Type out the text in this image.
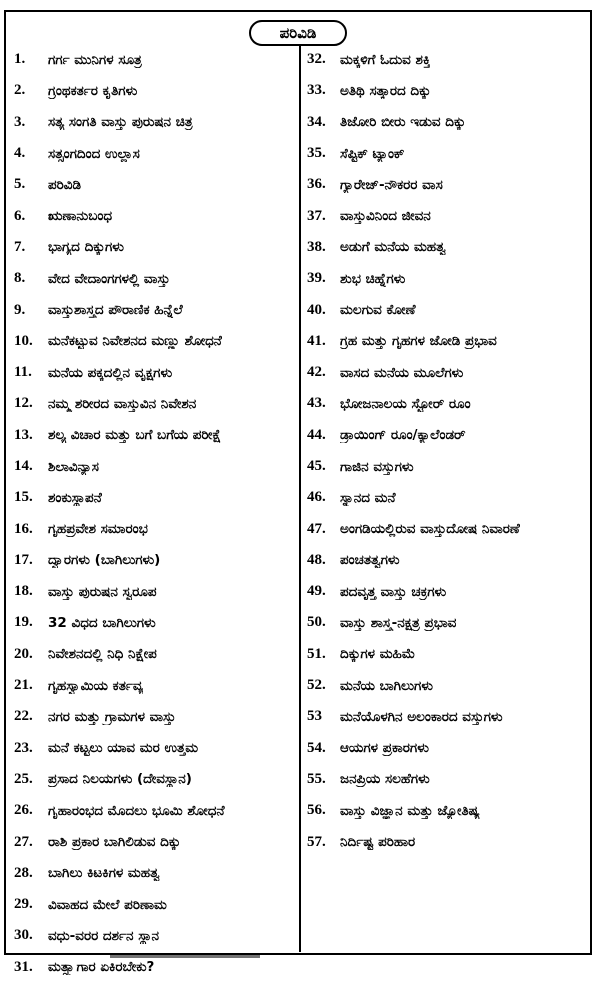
ಪರಿವಿಡಿ
1.	ಗರ್ಗ ಮುನಿಗಳ ಸೂತ್ರ
2.	ಗ್ರಂಥಕರ್ತರ ಕೃತಿಗಳು
3.	ಸತ್ಯ ಸಂಗತಿ ವಾಸ್ತು ಪುರುಷನ ಚಿತ್ರ
4.	ಸತ್ಸಂಗದಿಂದ ಉಲ್ಲಾಸ
5.	ಪರಿವಿಡಿ
6.	ಋಣಾನುಬಂಧ
7.	ಭಾಗ್ಯದ ದಿಕ್ಕುಗಳು
8.	ವೇದ ವೇದಾಂಗಗಳಲ್ಲಿ ವಾಸ್ತು
9.	ವಾಸ್ತುಶಾಸ್ತ್ರದ ಪೌರಾಣಿಕ ಹಿನ್ನೆಲೆ
10.	ಮನೆಕಟ್ಟುವ ನಿವೇಶನದ ಮಣ್ಣು ಶೋಧನೆ
11.	ಮನೆಯ ಪಕ್ಕದಲ್ಲಿನ ವೃಕ್ಷಗಳು
12.	ನಮ್ಮ ಶರೀರದ ವಾಸ್ತುವಿನ ನಿವೇಶನ
13.	ಶಲ್ಯ ವಿಚಾರ ಮತ್ತು ಬಗೆ ಬಗೆಯ ಪರೀಕ್ಷೆ
14.	ಶಿಲಾವಿನ್ಯಾಸ
15.	ಶಂಕುಸ್ಥಾಪನೆ
16.	ಗೃಹಪ್ರವೇಶ ಸಮಾರಂಭ
17.	ದ್ವಾರಗಳು (ಬಾಗಿಲುಗಳು)
18.	ವಾಸ್ತು ಪುರುಷನ ಸ್ವರೂಪ
19.	32 ವಿಧದ ಬಾಗಿಲುಗಳು
20.	ನಿವೇಶನದಲ್ಲಿ ನಿಧಿ ನಿಕ್ಷೇಪ
21.	ಗೃಹಸ್ವಾಮಿಯ ಕರ್ತವ್ಯ
22.	ನಗರ ಮತ್ತು ಗ್ರಾಮಗಳ ವಾಸ್ತು
23.	ಮನೆ ಕಟ್ಟಲು ಯಾವ ಮರ ಉತ್ತಮ
25.	ಪ್ರಸಾದ ನಿಲಯಗಳು (ದೇವಸ್ಥಾನ)
26.	ಗೃಹಾರಂಭದ ಮೊದಲು ಭೂಮಿ ಶೋಧನೆ
27.	ರಾಶಿ ಪ್ರಕಾರ ಬಾಗಿಲಿಡುವ ದಿಕ್ಕು
28.	ಬಾಗಿಲು ಕಿಟಕಿಗಳ ಮಹತ್ವ
29.	ವಿವಾಹದ ಮೇಲೆ ಪರಿಣಾಮ
30.	ವಧು-ವರರ ದರ್ಶನ ಸ್ಥಾನ
31.	ಮತ್ಸ್ಯಾಗಾರ ಏಕಿರಬೇಕು?
32.	ಮಕ್ಕಳಿಗೆ ಓದುವ ಶಕ್ತಿ
33.	ಅತಿಥಿ ಸತ್ಕಾರದ ದಿಕ್ಕು
34.	ತಿಜೋರಿ ಬೀರು ಇಡುವ ದಿಕ್ಕು
35.	ಸೆಪ್ಟಿಕ್ ಟ್ಯಾಂಕ್
36.	ಗ್ಯಾರೇಜ್-ನೌಕರರ ವಾಸ
37.	ವಾಸ್ತುವಿನಿಂದ ಜೀವನ
38.	ಅಡುಗೆ ಮನೆಯ ಮಹತ್ವ
39.	ಶುಭ ಚಿಹ್ನೆಗಳು
40.	ಮಲಗುವ ಕೋಣೆ
41.	ಗ್ರಹ ಮತ್ತು ಗೃಹಗಳ ಜೋಡಿ ಪ್ರಭಾವ
42.	ವಾಸದ ಮನೆಯ ಮೂಲೆಗಳು
43.	ಭೋಜನಾಲಯ ಸ್ಟೋರ್ ರೂಂ
44.	ಡ್ರಾಯಿಂಗ್ ರೂಂ/ಕ್ಯಾಲೆಂಡರ್
45.	ಗಾಜಿನ ವಸ್ತುಗಳು
46.	ಸ್ನಾನದ ಮನೆ
47.	ಅಂಗಡಿಯಲ್ಲಿರುವ ವಾಸ್ತುದೋಷ ನಿವಾರಣೆ
48.	ಪಂಚತತ್ವಗಳು
49.	ಪದವೃತ್ತ ವಾಸ್ತು ಚಕ್ರಗಳು
50.	ವಾಸ್ತು ಶಾಸ್ತ್ರ-ನಕ್ಷತ್ರ ಪ್ರಭಾವ
51.	ದಿಕ್ಕುಗಳ ಮಹಿಮೆ
52.	ಮನೆಯ ಬಾಗಿಲುಗಳು
53	ಮನೆಯೊಳಗಿನ ಅಲಂಕಾರದ ವಸ್ತುಗಳು
54.	ಆಯಗಳ ಪ್ರಕಾರಗಳು
55.	ಜನಪ್ರಿಯ ಸಲಹೆಗಳು
56.	ವಾಸ್ತು ವಿಜ್ಞಾನ ಮತ್ತು ಜ್ಯೋತಿಷ್ಯ
57.	ನಿರ್ದಿಷ್ಟ ಪರಿಹಾರ
